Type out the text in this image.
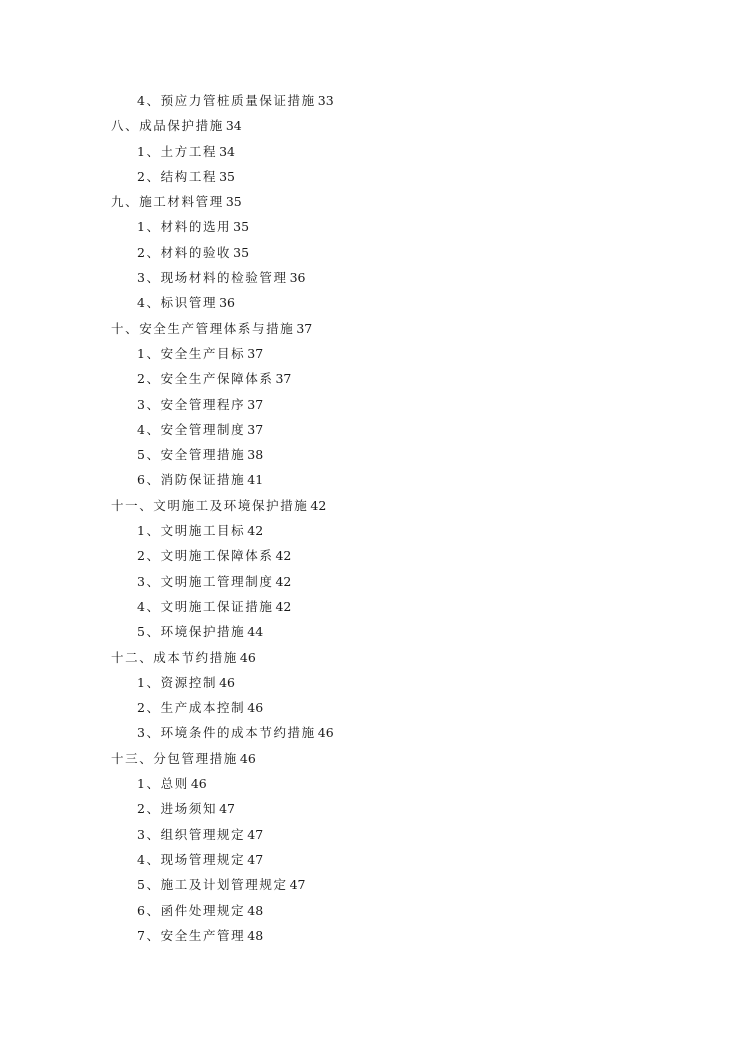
4、预应力管桩质量保证措施 33
八、成品保护措施 34
1、土方工程 34
2、结构工程 35
九、施工材料管理 35
1、材料的选用 35
2、材料的验收 35
3、现场材料的检验管理 36
4、标识管理 36
十、安全生产管理体系与措施 37
1、安全生产目标 37
2、安全生产保障体系 37
3、安全管理程序 37
4、安全管理制度 37
5、安全管理措施 38
6、消防保证措施 41
十一、文明施工及环境保护措施 42
1、文明施工目标 42
2、文明施工保障体系 42
3、文明施工管理制度 42
4、文明施工保证措施 42
5、环境保护措施 44
十二、成本节约措施 46
1、资源控制 46
2、生产成本控制 46
3、环境条件的成本节约措施 46
十三、分包管理措施 46
1、总则 46
2、进场须知 47
3、组织管理规定 47
4、现场管理规定 47
5、施工及计划管理规定 47
6、函件处理规定 48
7、安全生产管理 48
